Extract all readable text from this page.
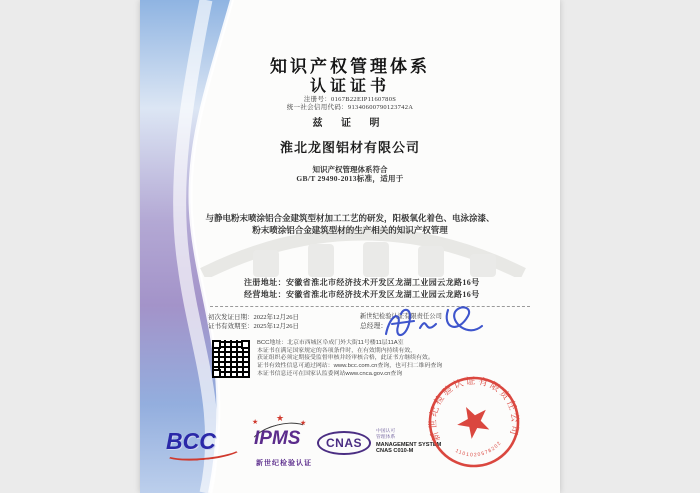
知识产权管理体系
认证证书
注册号：0167B22EIP1160780S
统一社会信用代码：91340600790123742A
兹 证 明
淮北龙图铝材有限公司
知识产权管理体系符合
GB/T 29490-2013标准，适用于
与静电粉末喷涂铝合金建筑型材加工工艺的研发，阳极氧化着色、电泳涂漆、
粉末喷涂铝合金建筑型材的生产相关的知识产权管理
注册地址：安徽省淮北市经济技术开发区龙湖工业园云龙路16号
经营地址：安徽省淮北市经济技术开发区龙湖工业园云龙路16号
初次发证日期：2022年12月26日
证书有效期至：2025年12月26日
新世纪检验认证有限责任公司
总经理：
BCC地址：北京市西城区阜成门外大街11号楼11层11A室
本证书在满足国家规定的各项条件时，在有效期内持续有效，
获证组织必须定期接受监督审核并经审核合格，此证书方继续有效。
证书有效性信息可通过网站：www.bcc.com.cn查询，也可扫二维码查询
本证书信息还可在国家认监委网站www.cnca.gov.cn查询
BCC	IPMS
★ ★ ★
新世纪检验认证
CNAS
中国认可
管理体系
MANAGEMENT SYSTEM
CNAS C010-M
新世纪检验认证有限责任公司
1101020578202
